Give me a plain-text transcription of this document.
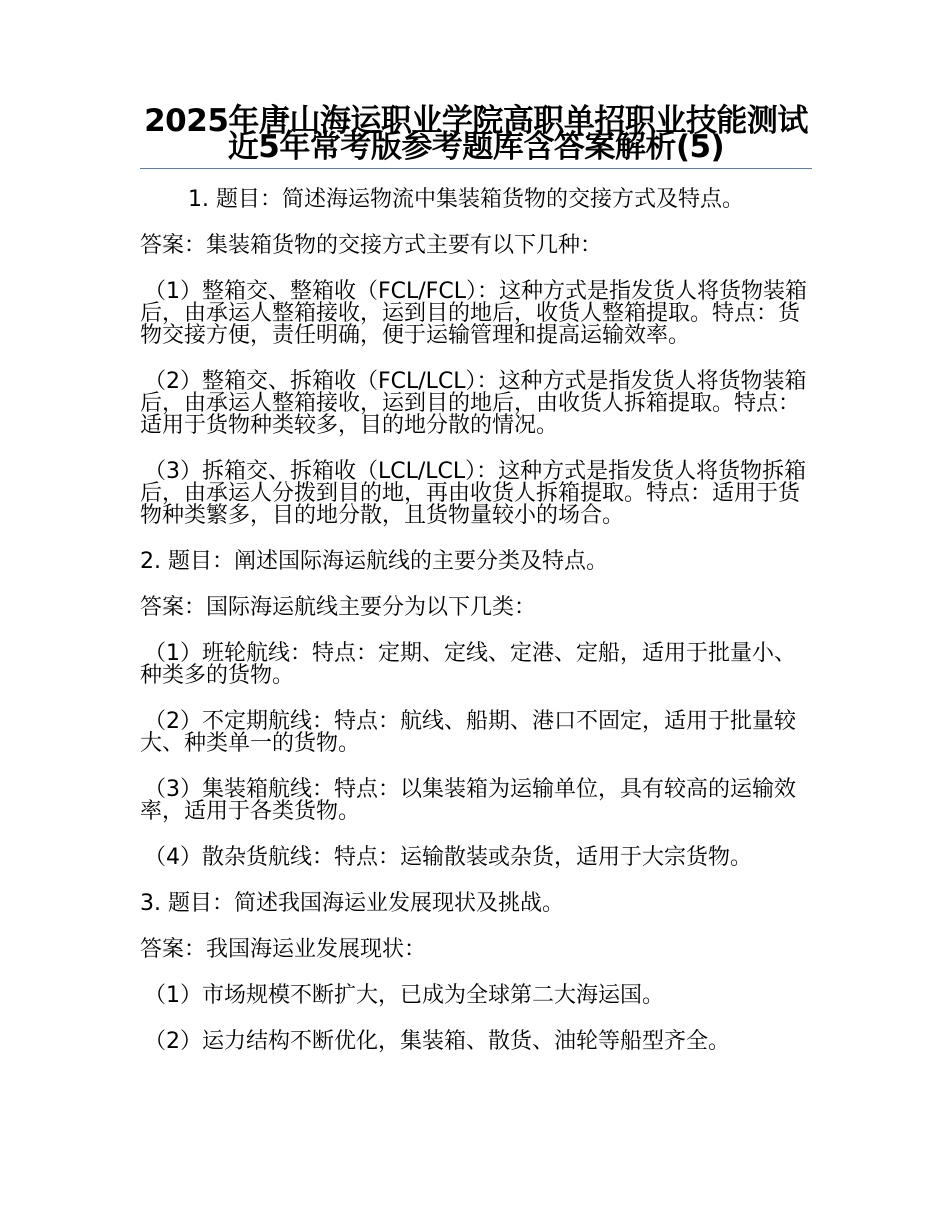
2025年唐山海运职业学院高职单招职业技能测试近5年常考版参考题库含答案解析(5)

1. 题目：简述海运物流中集装箱货物的交接方式及特点。

答案：集装箱货物的交接方式主要有以下几种：

（1）整箱交、整箱收（FCL/FCL）：这种方式是指发货人将货物装箱后，由承运人整箱接收，运到目的地后，收货人整箱提取。特点：货物交接方便，责任明确，便于运输管理和提高运输效率。

（2）整箱交、拆箱收（FCL/LCL）：这种方式是指发货人将货物装箱后，由承运人整箱接收，运到目的地后，由收货人拆箱提取。特点：适用于货物种类较多，目的地分散的情况。

（3）拆箱交、拆箱收（LCL/LCL）：这种方式是指发货人将货物拆箱后，由承运人分拨到目的地，再由收货人拆箱提取。特点：适用于货物种类繁多，目的地分散，且货物量较小的场合。

2. 题目：阐述国际海运航线的主要分类及特点。

答案：国际海运航线主要分为以下几类：

（1）班轮航线：特点：定期、定线、定港、定船，适用于批量小、种类多的货物。

（2）不定期航线：特点：航线、船期、港口不固定，适用于批量较大、种类单一的货物。

（3）集装箱航线：特点：以集装箱为运输单位，具有较高的运输效率，适用于各类货物。

（4）散杂货航线：特点：运输散装或杂货，适用于大宗货物。

3. 题目：简述我国海运业发展现状及挑战。

答案：我国海运业发展现状：

（1）市场规模不断扩大，已成为全球第二大海运国。

（2）运力结构不断优化，集装箱、散货、油轮等船型齐全。
